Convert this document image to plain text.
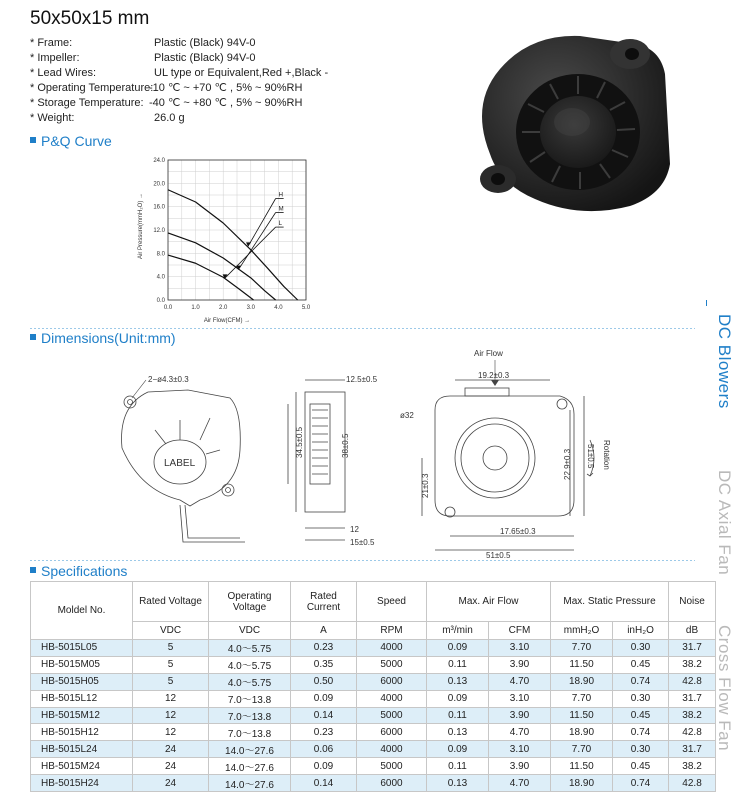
50x50x15 mm
* Frame:	Plastic (Black) 94V-0
* Impeller:	Plastic (Black) 94V-0
* Lead Wires:	UL type or Equivalent,Red +,Black -
* Operating Temperature:
-10 ℃ ~ +70 ℃ , 5% ~ 90%RH
* Storage Temperature: -40 ℃ ~ +80 ℃ , 5% ~ 90%RH
* Weight:	26.0 g
P&Q Curve
0.0	1.0	2.0	3.0	4.0	5.0
0.0
4.0
8.0
12.0
16.0
20.0
24.0
H
M
L
Air Flow(CFM) →
Air Pressure(mmH₂O) →
Dimensions(Unit:mm)
2−ø4.3±0.3
LABEL
12.5±0.5
34.5±0.5	38±0.5
12
15±0.5
Air Flow
19.2±0.3
ø32
51±0.5 Rotation
22.9±0.3
21±0.3
17.65±0.3
51±0.5
Specifications
Moldel No.	Rated Voltage	Operating Voltage	Rated Current	Speed	Max. Air Flow		Max. Static Pressure		Noise
	VDC	VDC	A	RPM	m³/min	CFM	mmH₂O	inH₂O	dB
HB-5015L05	5	4.0～5.75	0.23	4000	0.09	3.10	7.70	0.30	31.7
HB-5015M05	5	4.0～5.75	0.35	5000	0.11	3.90	11.50	0.45	38.2
HB-5015H05	5	4.0～5.75	0.50	6000	0.13	4.70	18.90	0.74	42.8
HB-5015L12	12	7.0～13.8	0.09	4000	0.09	3.10	7.70	0.30	31.7
HB-5015M12	12	7.0～13.8	0.14	5000	0.11	3.90	11.50	0.45	38.2
HB-5015H12	12	7.0～13.8	0.23	6000	0.13	4.70	18.90	0.74	42.8
HB-5015L24	24	14.0～27.6	0.06	4000	0.09	3.10	7.70	0.30	31.7
HB-5015M24	24	14.0～27.6	0.09	5000	0.11	3.90	11.50	0.45	38.2
HB-5015H24	24	14.0～27.6	0.14	6000	0.13	4.70	18.90	0.74	42.8
DC Blowers
DC Axial Fan
Cross Flow Fan
